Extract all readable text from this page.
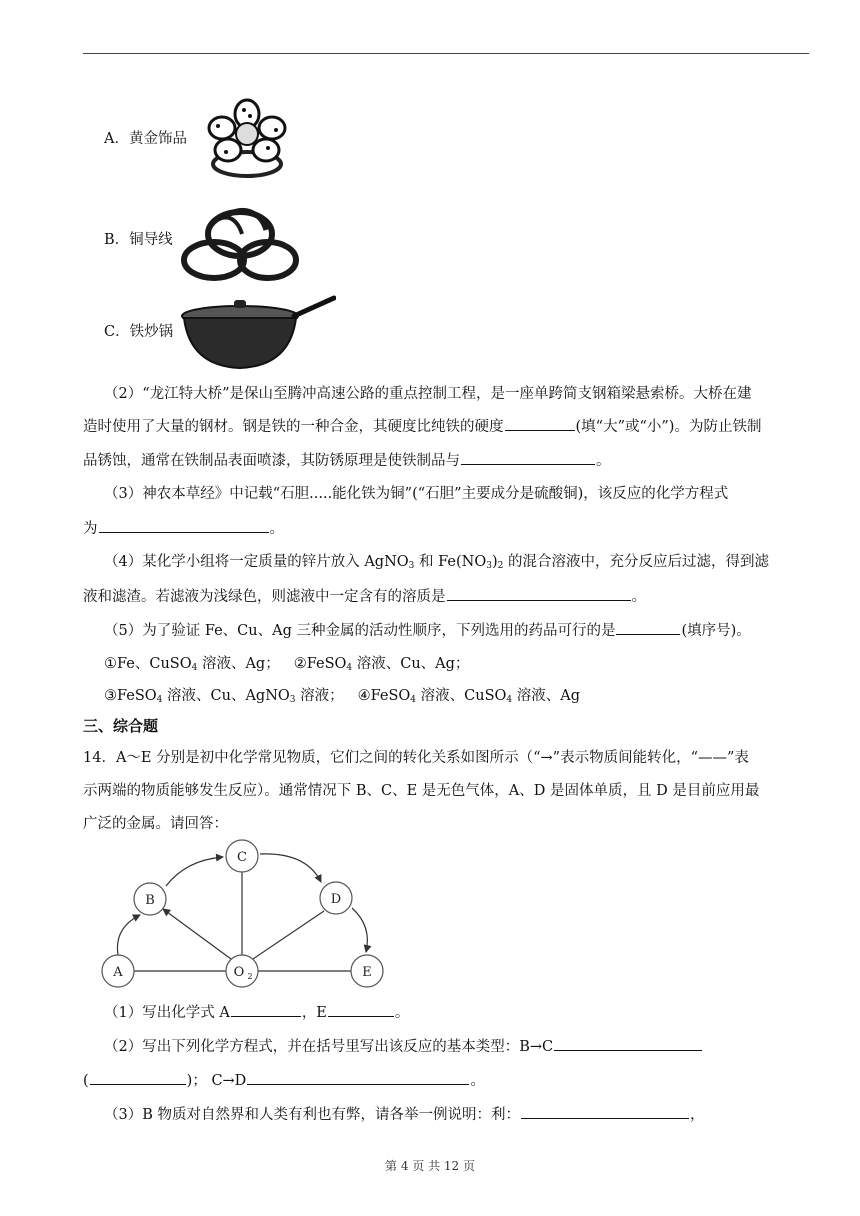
A．黄金饰品
B．铜导线
C．铁炒锅
（2）“龙江特大桥”是保山至腾冲高速公路的重点控制工程，是一座单跨简支钢箱梁悬索桥。大桥在建
造时使用了大量的钢材。钢是铁的一种合金，其硬度比纯铁的硬度	(填“大”或“小”)。为防止铁制
品锈蚀，通常在铁制品表面喷漆，其防锈原理是使铁制品与	。
（3）神农本草经》中记载“石胆.....能化铁为铜”(“石胆”主要成分是硫酸铜)，该反应的化学方程式
为	。
（4）某化学小组将一定质量的锌片放入 AgNO$_3$ 和 $Fe(NO_3)_2$ 的混合溶液中，充分反应后过滤，得到滤
液和滤渣。若滤液为浅绿色，则滤液中一定含有的溶质是	。
（5）为了验证 Fe、Cu、Ag 三种金属的活动性顺序，下列选用的药品可行的是	(填序号)。
①Fe、CuSO$_4$ 溶液、Ag； ②FeSO$_4$ 溶液、Cu、Ag；
③FeSO$_4$ 溶液、Cu、AgNO$_3$ 溶液； ④FeSO$_4$ 溶液、CuSO$_4$ 溶液、Ag
三、综合题
14．A～E 分别是初中化学常见物质，它们之间的转化关系如图所示（“→”表示物质间能转化，“——”表
示两端的物质能够发生反应）。通常情况下 B、C、E 是无色气体，A、D 是固体单质，且 D 是目前应用最
广泛的金属。请回答：
A
B
C
D
E
O 2
（1）写出化学式 A	，E	。
（2）写出下列化学方程式，并在括号里写出该反应的基本类型：B→C
(	)； C→D	。
（3）B 物质对自然界和人类有利也有弊，请各举一例说明：利：	，
第 4 页 共 12 页
